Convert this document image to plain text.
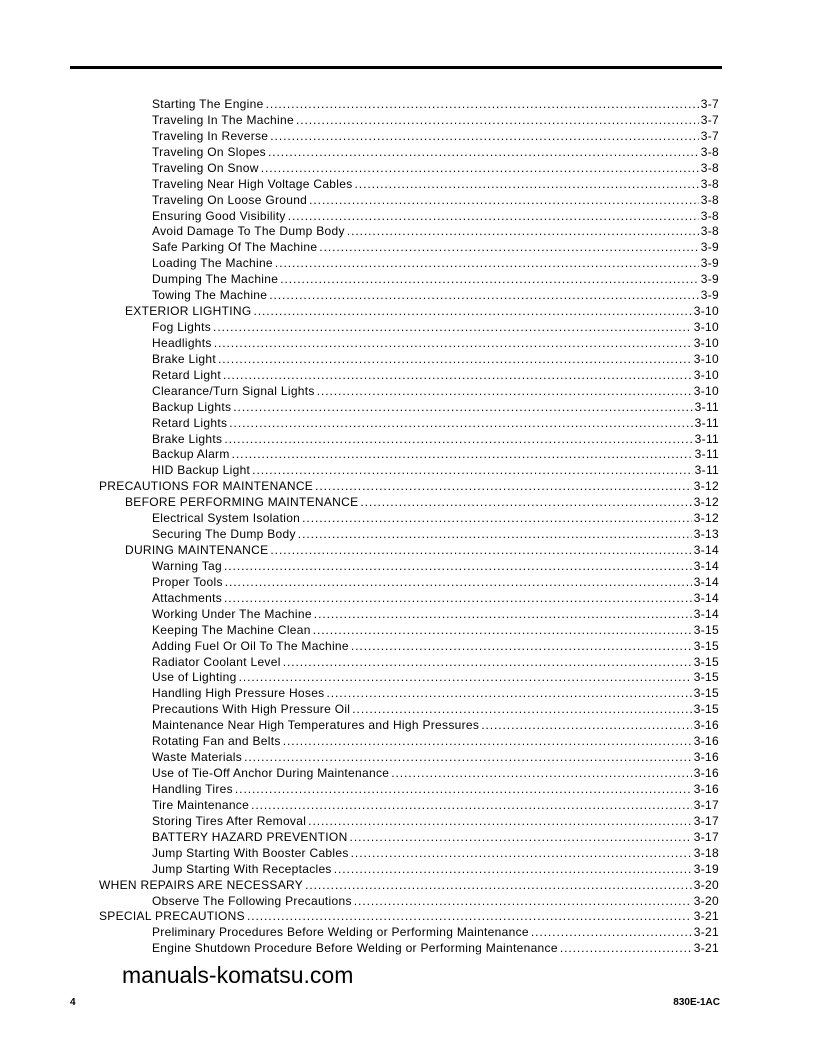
Starting The Engine . . .	3-7
Traveling In The Machine . . .	3-7
Traveling In Reverse . . .	3-7
Traveling On Slopes . . .	3-8
Traveling On Snow . . .	3-8
Traveling Near High Voltage Cables . . .	3-8
Traveling On Loose Ground . . .	3-8
Ensuring Good Visibility . . .	3-8
Avoid Damage To The Dump Body . . .	3-8
Safe Parking Of The Machine . . .	3-9
Loading The Machine . . .	3-9
Dumping The Machine . . .	3-9
Towing The Machine . . .	3-9
EXTERIOR LIGHTING . . .	3-10
Fog Lights . . .	3-10
Headlights . . .	3-10
Brake Light . . .	3-10
Retard Light . . .	3-10
Clearance/Turn Signal Lights . . .	3-10
Backup Lights . . .	3-11
Retard Lights . . .	3-11
Brake Lights . . .	3-11
Backup Alarm . . .	3-11
HID Backup Light . . .	3-11
PRECAUTIONS FOR MAINTENANCE . . .	3-12
BEFORE PERFORMING MAINTENANCE . . .	3-12
Electrical System Isolation . . .	3-12
Securing The Dump Body . . .	3-13
DURING MAINTENANCE . . .	3-14
Warning Tag . . .	3-14
Proper Tools . . .	3-14
Attachments . . .	3-14
Working Under The Machine . . .	3-14
Keeping The Machine Clean . . .	3-15
Adding Fuel Or Oil To The Machine . . .	3-15
Radiator Coolant Level . . .	3-15
Use of Lighting . . .	3-15
Handling High Pressure Hoses . . .	3-15
Precautions With High Pressure Oil . . .	3-15
Maintenance Near High Temperatures and High Pressures . . .	3-16
Rotating Fan and Belts . . .	3-16
Waste Materials . . .	3-16
Use of Tie-Off Anchor During Maintenance . . .	3-16
Handling Tires . . .	3-16
Tire Maintenance . . .	3-17
Storing Tires After Removal . . .	3-17
BATTERY HAZARD PREVENTION . . .	3-17
Jump Starting With Booster Cables . . .	3-18
Jump Starting With Receptacles . . .	3-19
WHEN REPAIRS ARE NECESSARY . . .	3-20
Observe The Following Precautions . . .	3-20
SPECIAL PRECAUTIONS . . .	3-21
Preliminary Procedures Before Welding or Performing Maintenance . . .	3-21
Engine Shutdown Procedure Before Welding or Performing Maintenance . . .	3-21
manuals-komatsu.com
4	830E-1AC
